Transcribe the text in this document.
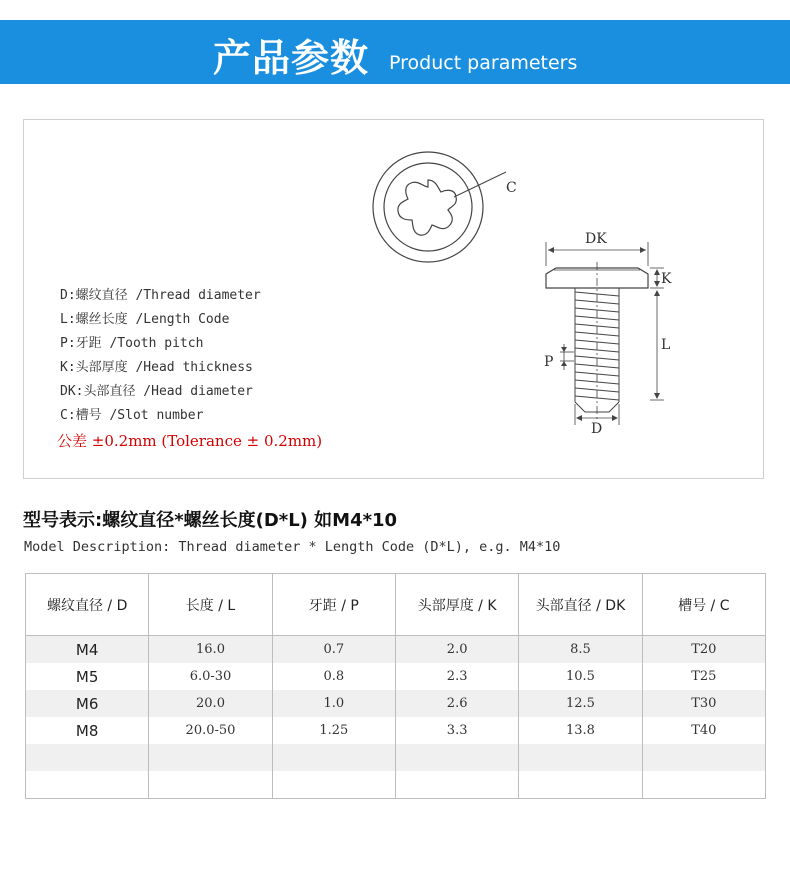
产品参数 Product parameters
C
DK
K
L
P
D
D:螺纹直径 /Thread diameter
L:螺丝长度 /Length Code
P:牙距 /Tooth pitch
K:头部厚度 /Head thickness
DK:头部直径 /Head diameter
C:槽号 /Slot number
公差 ±0.2mm (Tolerance ± 0.2mm)
型号表示:螺纹直径*螺丝长度(D*L) 如M4*10
Model Description: Thread diameter * Length Code (D*L), e.g. M4*10
螺纹直径 / D	长度 / L	牙距 / P	头部厚度 / K	头部直径 / DK	槽号 / C
M4	16.0	0.7	2.0	8.5	T20
M5	6.0-30	0.8	2.3	10.5	T25
M6	20.0	1.0	2.6	12.5	T30
M8	20.0-50	1.25	3.3	13.8	T40
